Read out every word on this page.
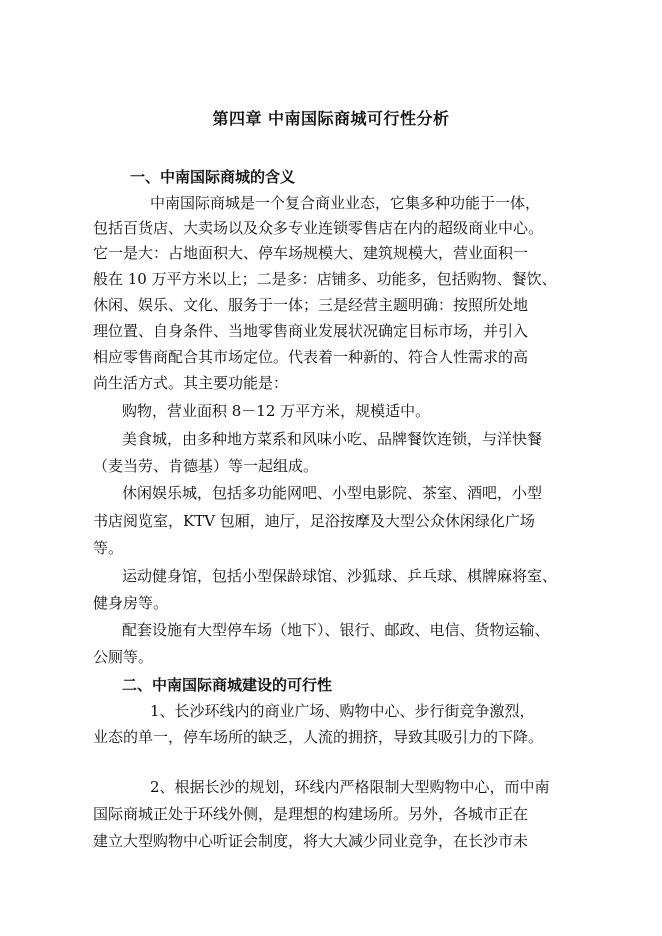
第四章 中南国际商城可行性分析
一、中南国际商城的含义
中南国际商城是一个复合商业业态，它集多种功能于一体，
包括百货店、大卖场以及众多专业连锁零售店在内的超级商业中心。
它一是大：占地面积大、停车场规模大、建筑规模大，营业面积一
般在 10 万平方米以上；二是多：店铺多、功能多，包括购物、餐饮、
休闲、娱乐、文化、服务于一体；三是经营主题明确：按照所处地
理位置、自身条件、当地零售商业发展状况确定目标市场，并引入
相应零售商配合其市场定位。代表着一种新的、符合人性需求的高
尚生活方式。其主要功能是：
购物，营业面积 8－12 万平方米，规模适中。
美食城，由多种地方菜系和风味小吃、品牌餐饮连锁，与洋快餐
（麦当劳、肯德基）等一起组成。
休闲娱乐城，包括多功能网吧、小型电影院、茶室、酒吧，小型
书店阅览室，KTV 包厢，迪厅，足浴按摩及大型公众休闲绿化广场
等。
运动健身馆，包括小型保龄球馆、沙狐球、乒乓球、棋牌麻将室、
健身房等。
配套设施有大型停车场（地下）、银行、邮政、电信、货物运输、
公厕等。
二、中南国际商城建设的可行性
1、长沙环线内的商业广场、购物中心、步行街竞争激烈，
业态的单一，停车场所的缺乏，人流的拥挤，导致其吸引力的下降。
2、根据长沙的规划，环线内严格限制大型购物中心，而中南
国际商城正处于环线外侧，是理想的构建场所。另外，各城市正在
建立大型购物中心听证会制度，将大大减少同业竞争，在长沙市未
